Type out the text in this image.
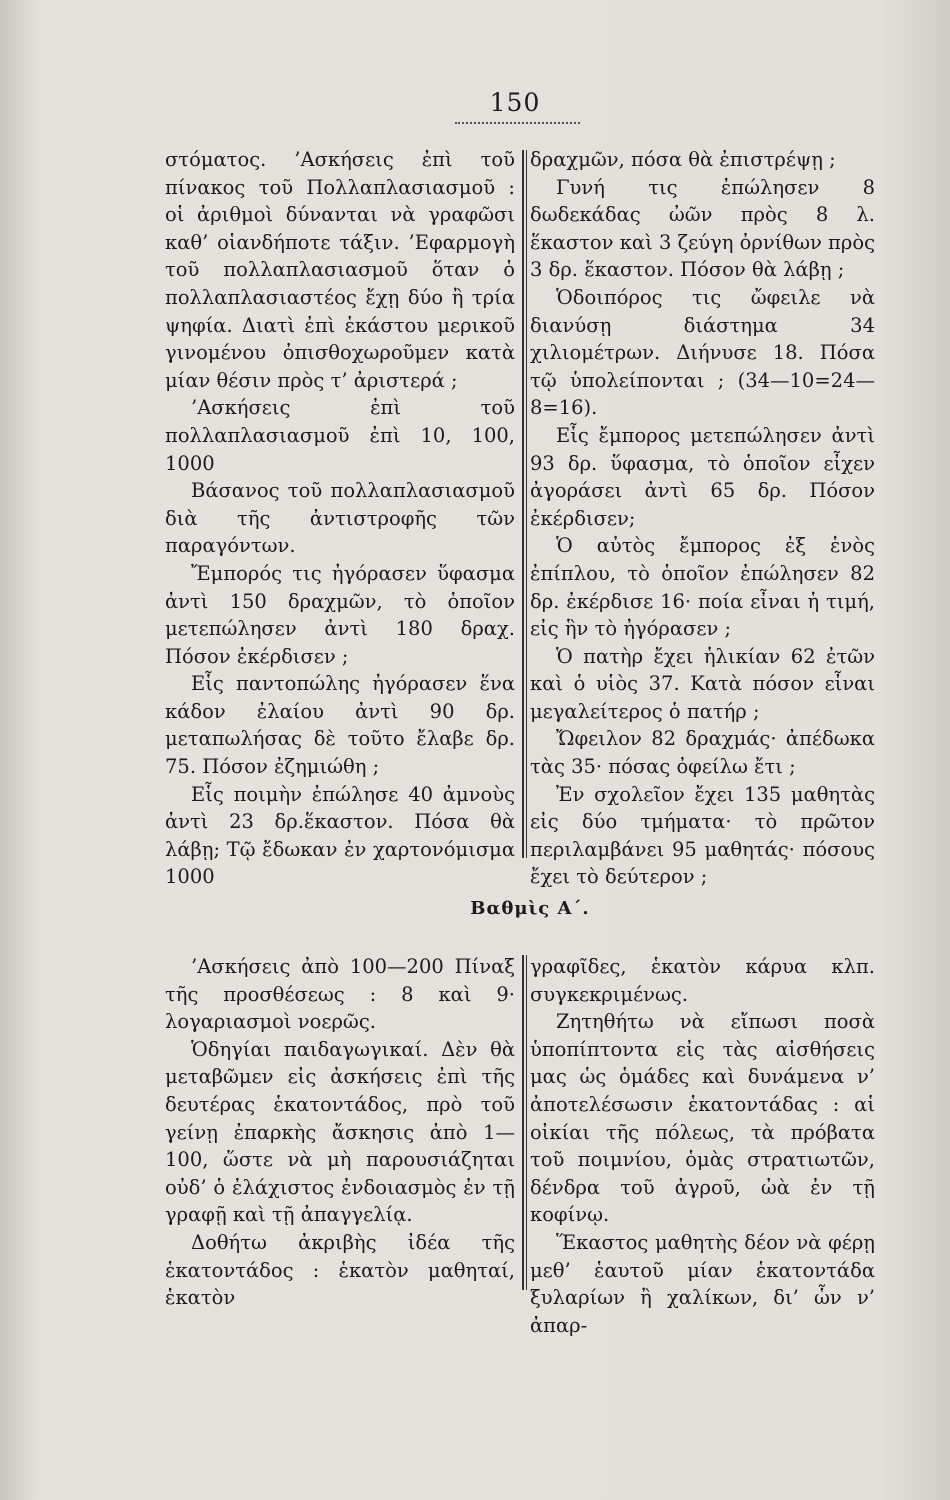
150

στόματος. ’Ασκήσεις ἐπὶ τοῦ πίνακος τοῦ Πολλαπλασιασμοῦ : οἱ ἀριθμοὶ δύνανται νὰ γραφῶσι καθ’ οἱανδήποτε τάξιν. ’Εφαρμογὴ τοῦ πολλαπλασιασμοῦ ὅταν ὁ πολλαπλασιαστέος ἔχῃ δύο ἢ τρία ψηφία. Διατὶ ἐπὶ ἑκάστου μερικοῦ γινομένου ὀπισθοχωροῦμεν κατὰ μίαν θέσιν πρὸς τ’ ἀριστερά ;

’Ασκήσεις ἐπὶ τοῦ πολλαπλασιασμοῦ ἐπὶ 10, 100, 1000

Βάσανος τοῦ πολλαπλασιασμοῦ διὰ τῆς ἀντιστροφῆς τῶν παραγόντων.

Ἔμπορός τις ἠγόρασεν ὕφασμα ἀντὶ 150 δραχμῶν, τὸ ὁποῖον μετεπώλησεν ἀντὶ 180 δραχ. Πόσον ἐκέρδισεν ;

Εἷς παντοπώλης ἠγόρασεν ἕνα κάδον ἐλαίου ἀντὶ 90 δρ. μεταπωλήσας δὲ τοῦτο ἔλαβε δρ. 75. Πόσον ἐζημιώθη ;

Εἷς ποιμὴν ἐπώλησε 40 ἀμνοὺς ἀντὶ 23 δρ.ἕκαστον. Πόσα θὰ λάβῃ; Τῷ ἔδωκαν ἐν χαρτονόμισμα 1000

δραχμῶν, πόσα θὰ ἐπιστρέψῃ ;

Γυνή τις ἐπώλησεν 8 δωδεκάδας ὠῶν πρὸς 8 λ. ἕκαστον καὶ 3 ζεύγη ὀρνίθων πρὸς 3 δρ. ἕκαστον. Πόσον θὰ λάβῃ ;

Ὁδοιπόρος τις ὤφειλε νὰ διανύσῃ διάστημα 34 χιλιομέτρων. Διήνυσε 18. Πόσα τῷ ὑπολείπονται ; (34—10=24—8=16).

Εἷς ἔμπορος μετεπώλησεν ἀντὶ 93 δρ. ὕφασμα, τὸ ὁποῖον εἶχεν ἀγοράσει ἀντὶ 65 δρ. Πόσον ἐκέρδισεν;

Ὁ αὐτὸς ἔμπορος ἐξ ἑνὸς ἐπίπλου, τὸ ὁποῖον ἐπώλησεν 82 δρ. ἐκέρδισε 16· ποία εἶναι ἡ τιμή, εἰς ἣν τὸ ἠγόρασεν ;

Ὁ πατὴρ ἔχει ἡλικίαν 62 ἐτῶν καὶ ὁ υἱὸς 37. Κατὰ πόσον εἶναι μεγαλείτερος ὁ πατήρ ;

Ὤφειλον 82 δραχμάς· ἀπέδωκα τὰς 35· πόσας ὀφείλω ἔτι ;

Ἐν σχολεῖον ἔχει 135 μαθητὰς εἰς δύο τμήματα· τὸ πρῶτον περιλαμβάνει 95 μαθητάς· πόσους ἔχει τὸ δεύτερον ;

Βαθμὶς Α΄.

’Ασκήσεις ἀπὸ 100—200 Πίναξ τῆς προσθέσεως : 8 καὶ 9· λογαριασμοὶ νοερῶς.

Ὁδηγίαι παιδαγωγικαί. Δὲν θὰ μεταβῶμεν εἰς ἀσκήσεις ἐπὶ τῆς δευτέρας ἑκατοντάδος, πρὸ τοῦ γείνῃ ἐπαρκὴς ἄσκησις ἀπὸ 1—100, ὥστε νὰ μὴ παρουσιάζηται οὐδ’ ὁ ἐλάχιστος ἐνδοιασμὸς ἐν τῇ γραφῇ καὶ τῇ ἀπαγγελίᾳ.

Δοθήτω ἀκριβὴς ἰδέα τῆς ἑκατοντάδος : ἑκατὸν μαθηταί, ἑκατὸν

γραφῖδες, ἑκατὸν κάρυα κλπ. συγκεκριμένως.

Ζητηθήτω νὰ εἴπωσι ποσὰ ὑποπίπτοντα εἰς τὰς αἰσθήσεις μας ὡς ὁμάδες καὶ δυνάμενα ν’ ἀποτελέσωσιν ἑκατοντάδας : αἱ οἰκίαι τῆς πόλεως, τὰ πρόβατα τοῦ ποιμνίου, ὁμὰς στρατιωτῶν, δένδρα τοῦ ἀγροῦ, ὠὰ ἐν τῇ κοφίνῳ.

Ἕκαστος μαθητὴς δέον νὰ φέρῃ μεθ’ ἑαυτοῦ μίαν ἑκατοντάδα ξυλαρίων ἢ χαλίκων, δι’ ὧν ν’ ἀπαρ-
